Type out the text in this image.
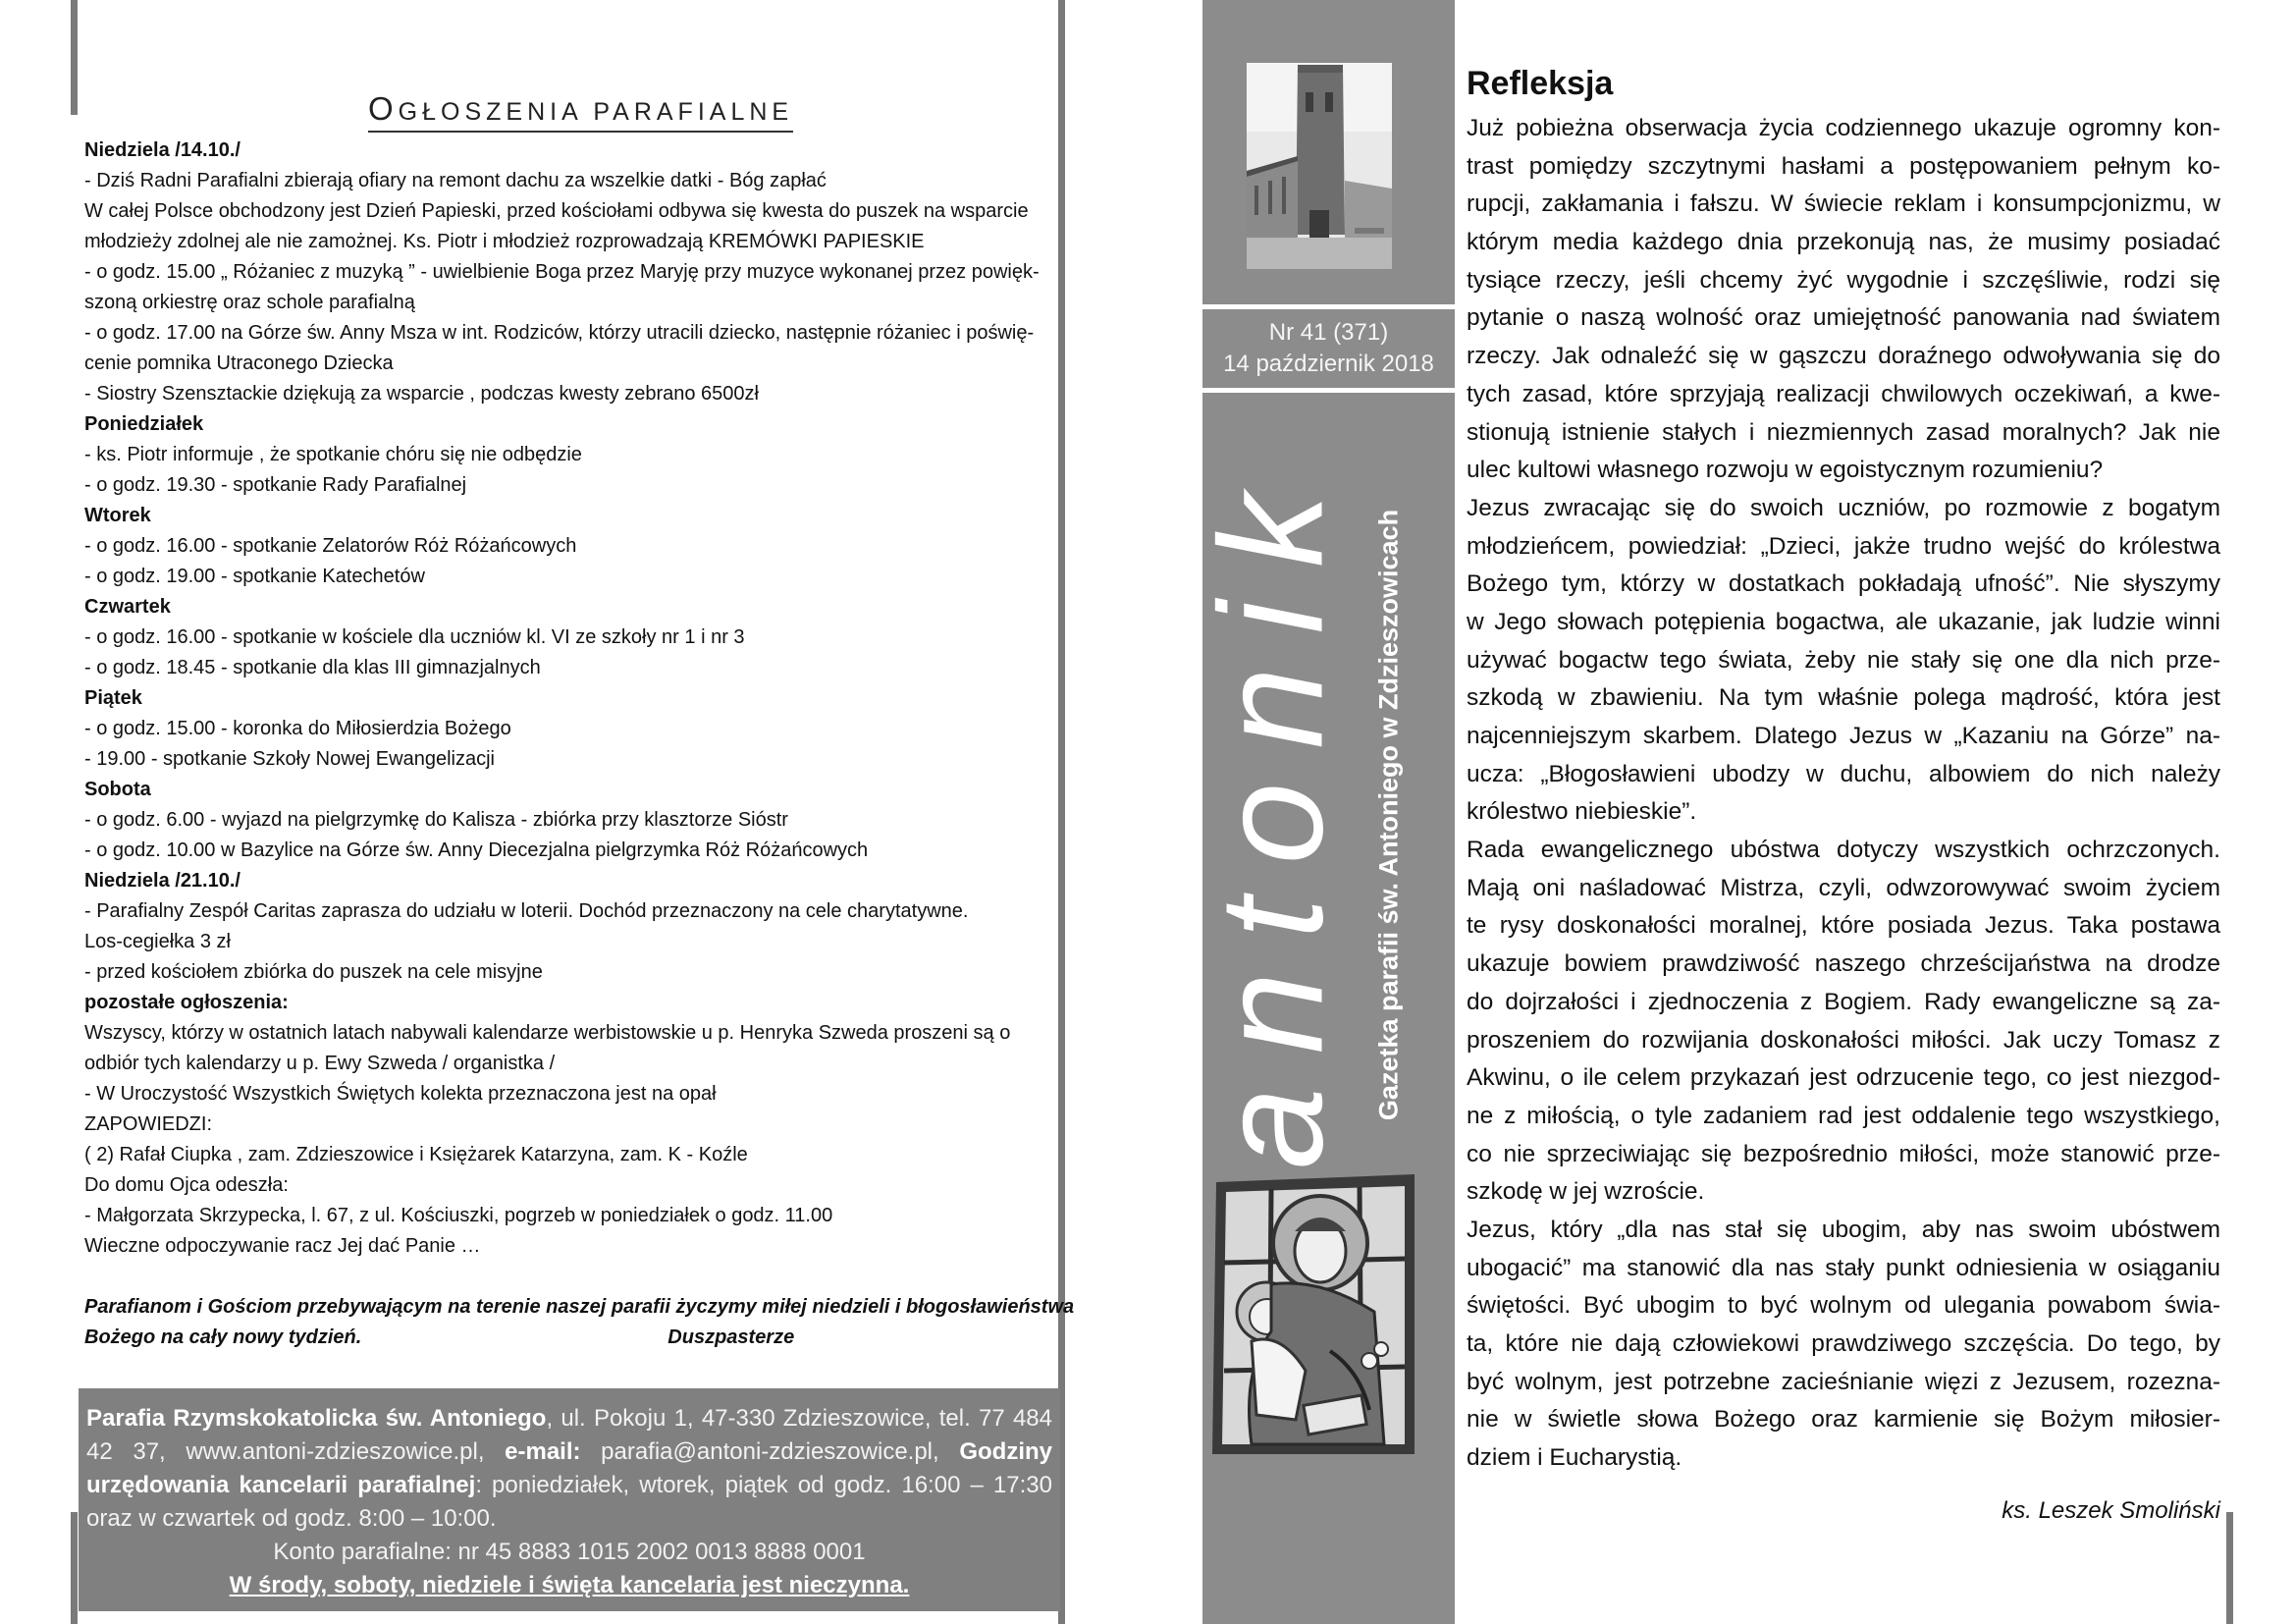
OGŁOSZENIA PARAFIALNE
Niedziela /14.10./
- Dziś Radni Parafialni zbierają ofiary na remont dachu za wszelkie datki - Bóg zapłać
W całej Polsce obchodzony jest Dzień Papieski, przed kościołami odbywa się kwesta do puszek na wsparcie
młodzieży zdolnej ale nie zamożnej. Ks. Piotr i młodzież rozprowadzają KREMÓWKI PAPIESKIE
- o godz. 15.00 „ Różaniec z muzyką ” - uwielbienie Boga przez Maryję przy muzyce wykonanej przez powięk-
szoną orkiestrę oraz schole parafialną
- o godz. 17.00 na Górze św. Anny Msza w int. Rodziców, którzy utracili dziecko, następnie różaniec i poświę-
cenie pomnika Utraconego Dziecka
- Siostry Szensztackie dziękują za wsparcie , podczas kwesty zebrano 6500zł
Poniedziałek
- ks. Piotr informuje , że spotkanie chóru się nie odbędzie
- o godz. 19.30 - spotkanie Rady Parafialnej
Wtorek
- o godz. 16.00 - spotkanie Zelatorów Róż Różańcowych
- o godz. 19.00 - spotkanie Katechetów
Czwartek
- o godz. 16.00 - spotkanie w kościele dla uczniów kl. VI ze szkoły nr 1 i nr 3
- o godz. 18.45 - spotkanie dla klas III gimnazjalnych
Piątek
- o godz. 15.00 - koronka do Miłosierdzia Bożego
- 19.00 - spotkanie Szkoły Nowej Ewangelizacji
Sobota
- o godz. 6.00 - wyjazd na pielgrzymkę do Kalisza - zbiórka przy klasztorze Sióstr
- o godz. 10.00 w Bazylice na Górze św. Anny Diecezjalna pielgrzymka Róż Różańcowych
Niedziela /21.10./
- Parafialny Zespół Caritas zaprasza do udziału w loterii. Dochód przeznaczony na cele charytatywne.
Los-cegiełka 3 zł
- przed kościołem zbiórka do puszek na cele misyjne
pozostałe ogłoszenia:
Wszyscy, którzy w ostatnich latach nabywali kalendarze werbistowskie u p. Henryka Szweda proszeni są o
odbiór tych kalendarzy u p. Ewy Szweda / organistka /
- W Uroczystość Wszystkich Świętych kolekta przeznaczona jest na opał
ZAPOWIEDZI:
( 2) Rafał Ciupka , zam. Zdzieszowice i Księżarek Katarzyna, zam. K - Koźle
Do domu Ojca odeszła:
- Małgorzata Skrzypecka, l. 67, z ul. Kościuszki, pogrzeb w poniedziałek o godz. 11.00
Wieczne odpoczywanie racz Jej dać Panie …
Parafianom i Gościom przebywającym na terenie naszej parafii życzymy miłej niedzieli i błogosławieństwa
Bożego na cały nowy tydzień.	Duszpasterze

Parafia Rzymskokatolicka św. Antoniego, ul. Pokoju 1, 47-330 Zdzieszowice, tel. 77 484 42 37, www.antoni-zdzieszowice.pl, e-mail: parafia@antoni-zdzieszowice.pl, Godziny urzędowania kancelarii parafialnej: poniedziałek, wtorek, piątek od godz. 16:00 – 17:30 oraz w czwartek od godz. 8:00 – 10:00.

Konto parafialne: nr 45 8883 1015 2002 0013 8888 0001

W środy, soboty, niedziele i święta kancelaria jest nieczynna.

Nr 41 (371)
14 październik 2018
antonik Gazetka parafii św. Antoniego w Zdzieszowicach
Refleksja
Już pobieżna obserwacja życia codziennego ukazuje ogromny kon-
trast pomiędzy szczytnymi hasłami a postępowaniem pełnym ko-
rupcji, zakłamania i fałszu. W świecie reklam i konsumpcjonizmu, w
którym media każdego dnia przekonują nas, że musimy posiadać
tysiące rzeczy, jeśli chcemy żyć wygodnie i szczęśliwie, rodzi się
pytanie o naszą wolność oraz umiejętność panowania nad światem
rzeczy. Jak odnaleźć się w gąszczu doraźnego odwoływania się do
tych zasad, które sprzyjają realizacji chwilowych oczekiwań, a kwe-
stionują istnienie stałych i niezmiennych zasad moralnych? Jak nie
ulec kultowi własnego rozwoju w egoistycznym rozumieniu?
Jezus zwracając się do swoich uczniów, po rozmowie z bogatym
młodzieńcem, powiedział: „Dzieci, jakże trudno wejść do królestwa
Bożego tym, którzy w dostatkach pokładają ufność”. Nie słyszymy
w Jego słowach potępienia bogactwa, ale ukazanie, jak ludzie winni
używać bogactw tego świata, żeby nie stały się one dla nich prze-
szkodą w zbawieniu. Na tym właśnie polega mądrość, która jest
najcenniejszym skarbem. Dlatego Jezus w „Kazaniu na Górze” na-
ucza: „Błogosławieni ubodzy w duchu, albowiem do nich należy
królestwo niebieskie”.
Rada ewangelicznego ubóstwa dotyczy wszystkich ochrzczonych.
Mają oni naśladować Mistrza, czyli, odwzorowywać swoim życiem
te rysy doskonałości moralnej, które posiada Jezus. Taka postawa
ukazuje bowiem prawdziwość naszego chrześcijaństwa na drodze
do dojrzałości i zjednoczenia z Bogiem. Rady ewangeliczne są za-
proszeniem do rozwijania doskonałości miłości. Jak uczy Tomasz z
Akwinu, o ile celem przykazań jest odrzucenie tego, co jest niezgod-
ne z miłością, o tyle zadaniem rad jest oddalenie tego wszystkiego,
co nie sprzeciwiając się bezpośrednio miłości, może stanowić prze-
szkodę w jej wzroście.
Jezus, który „dla nas stał się ubogim, aby nas swoim ubóstwem
ubogacić” ma stanowić dla nas stały punkt odniesienia w osiąganiu
świętości. Być ubogim to być wolnym od ulegania powabom świa-
ta, które nie dają człowiekowi prawdziwego szczęścia. Do tego, by
być wolnym, jest potrzebne zacieśnianie więzi z Jezusem, rozezna-
nie w świetle słowa Bożego oraz karmienie się Bożym miłosier-
dziem i Eucharystią.
ks. Leszek Smoliński
